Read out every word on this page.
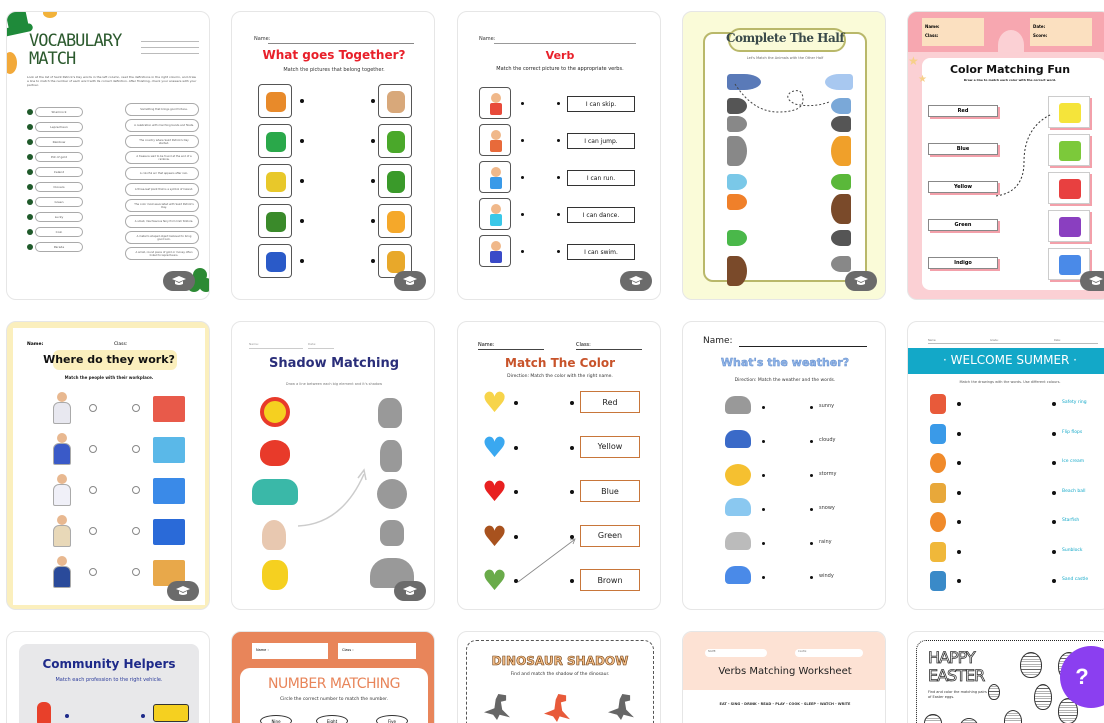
VOCABULARY
MATCH
Look at the list of Saint Patrick's Day words in the left column, read the definitions in the right column, and draw a line to match the number of each word with its correct definition. After finishing, check your answers with your partner.
Shamrock
Leprechaun
Rainbow
Pot of gold
Ireland
Clovers
Green
Lucky
Coin
Parade
Something that brings good fortune.
A celebration with marching bands and floats.
The country where Saint Patrick's Day started.
A treasure said to be found at the end of a rainbow.
A colorful arc that appears after rain.
A three-leaf plant that is a symbol of Ireland.
The color most associated with Saint Patrick's Day.
A small, mischievous fairy from Irish folklore.
A metal U-shaped object believed to bring good luck.
A small, round piece of gold or money often linked to leprechauns.
Name:
What goes Together?
Match the pictures that belong together.
Name:
Verb
Match the correct picture to the appropriate verbs.
I can skip.
I can jump.
I can run.
I can dance.
I can swim.
Complete The Half
Let's Match the Animals with the Other Half
Name:
Class:
Date:
Score:
★
★
Color Matching Fun
Draw a line to match each color with the correct word.
Red
Blue
Yellow
Green
Indigo
Name:	Class:
Where do they work?
Match the people with their workplace.
Name:	Date:
Shadow Matching
Draw a line between each big element and it's shadow
Name:	Class:
Match The Color
Direction: Match the color with the right name.
♥	Red
♥	Yellow
♥	Blue
♥	Green
♥	Brown
Name:
What's the weather?
Direction: Match the weather and the words.
sunny
cloudy
stormy
snowy
rainy
windy
Name:	Grade:	Date:
· WELCOME SUMMER ·
Match the drawings with the words. Use different colours.
Safety ring
Flip flops
Ice cream
Beach ball
Starfish
Sunblock
Sand castle
Community Helpers
Match each profession to the right vehicle.
Name :	Class :
NUMBER MATCHING
Circle the correct number to match the number.
Nine	Eight	Five
DINOSAUR SHADOW
Find and match the shadow of the dinosaur.
NAME:	CLASS:
Verbs Matching Worksheet
EAT - SING - DRINK - READ - PLAY - COOK - SLEEP - WATCH - WRITE
HAPPY
EASTER
Find and color the matching pairs of Easter eggs.
?
